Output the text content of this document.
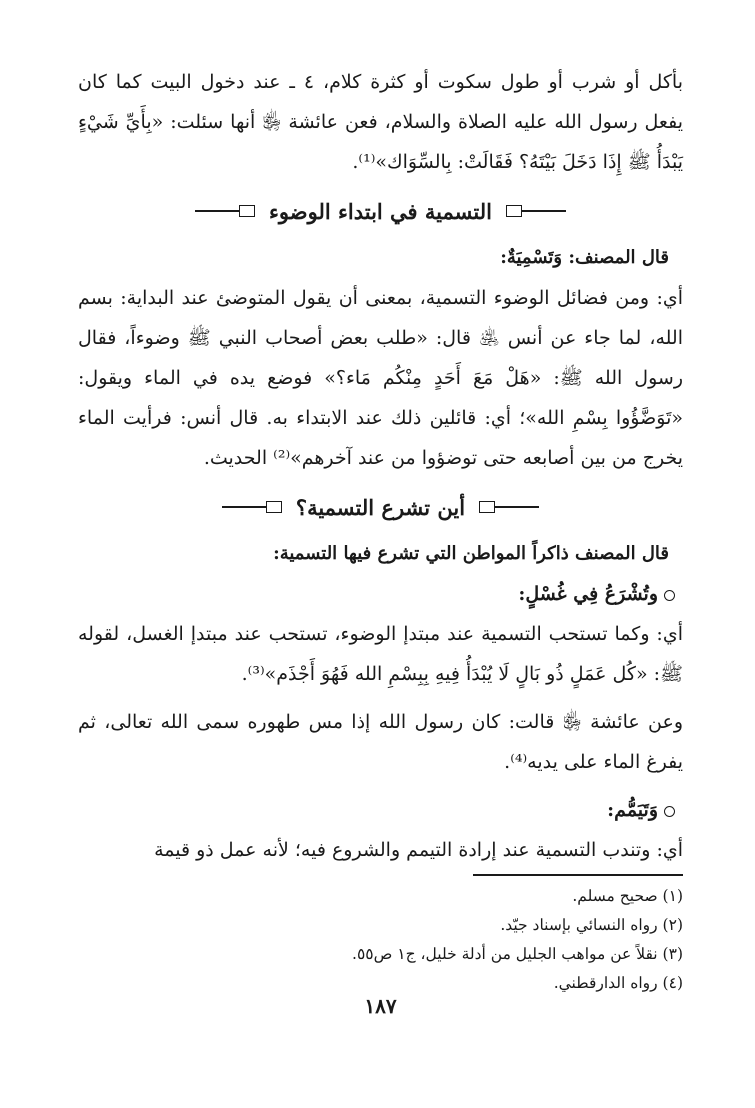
بأكل أو شرب أو طول سكوت أو كثرة كلام، ٤ ـ عند دخول البيت كما كان يفعل رسول الله عليه الصلاة والسلام، فعن عائشة ﵂ أنها سئلت: «بِأَيِّ شَيْءٍ يَبْدَأُ ﷺ إِذَا دَخَلَ بَيْتَهُ؟ فَقَالَتْ: بِالسِّوَاك»⁽¹⁾.

التسمية في ابتداء الوضوء

قال المصنف: وَتَسْمِيَةٌ:

أي: ومن فضائل الوضوء التسمية، بمعنى أن يقول المتوضئ عند البداية: بسم الله، لما جاء عن أنس ﵁ قال: «طلب بعض أصحاب النبي ﷺ وضوءاً، فقال رسول الله ﷺ: «هَلْ مَعَ أَحَدٍ مِنْكُم مَاء؟» فوضع يده في الماء ويقول: «تَوَضَّؤُوا بِسْمِ الله»؛ أي: قائلين ذلك عند الابتداء به. قال أنس: فرأيت الماء يخرج من بين أصابعه حتى توضؤوا من عند آخرهم»⁽²⁾ الحديث.

أين تشرع التسمية؟

قال المصنف ذاكراً المواطن التي تشرع فيها التسمية:

وتُشْرَعُ فِي غُسْلٍ:

أي: وكما تستحب التسمية عند مبتدإ الوضوء، تستحب عند مبتدإ الغسل، لقوله ﷺ: «كُل عَمَلٍ ذُو بَالٍ لَا يُبْدَأُ فِيهِ بِبِسْمِ الله فَهُوَ أَجْذَم»⁽³⁾.

وعن عائشة ﵂ قالت: كان رسول الله إذا مس طهوره سمى الله تعالى، ثم يفرغ الماء على يديه⁽⁴⁾.

وَتَيَمُّم:

أي: وتندب التسمية عند إرادة التيمم والشروع فيه؛ لأنه عمل ذو قيمة

(١) صحيح مسلم.

(٢) رواه النسائي بإسناد جيّد.

(٣) نقلاً عن مواهب الجليل من أدلة خليل، ج١ ص٥٥.

(٤) رواه الدارقطني.

١٨٧
